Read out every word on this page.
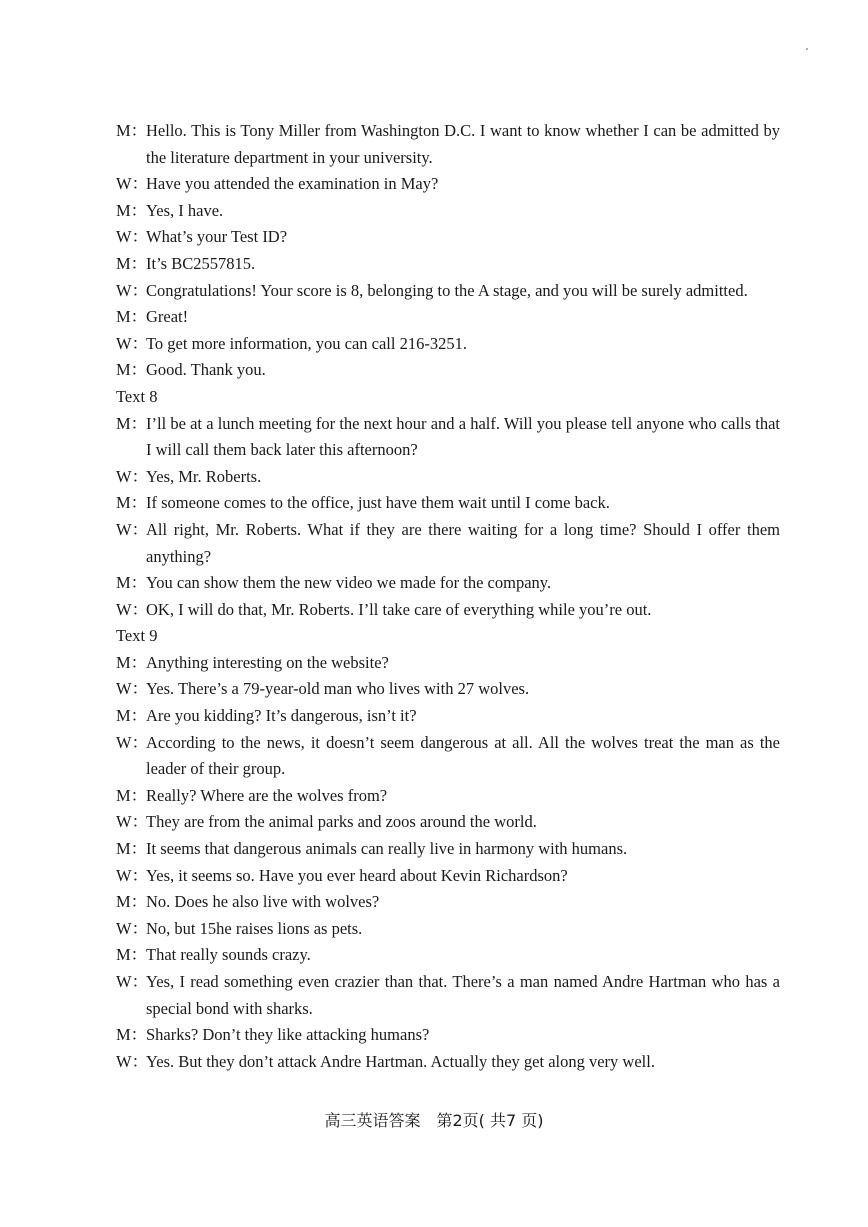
M：
Hello. This is Tony Miller from Washington D.C. I want to know whether I can be admitted by the literature department in your university.
W：
Have you attended the examination in May?
M：
Yes, I have.
W：
What’s your Test ID?
M：
It’s BC2557815.
W：
Congratulations! Your score is 8, belonging to the A stage, and you will be surely admitted.
M：
Great!
W：
To get more information, you can call 216-3251.
M：
Good. Thank you.
Text 8
M：
I’ll be at a lunch meeting for the next hour and a half. Will you please tell anyone who calls that I will call them back later this afternoon?
W：
Yes, Mr. Roberts.
M：
If someone comes to the office, just have them wait until I come back.
W：
All right, Mr. Roberts. What if they are there waiting for a long time? Should I offer them anything?
M：
You can show them the new video we made for the company.
W：
OK, I will do that, Mr. Roberts. I’ll take care of everything while you’re out.
Text 9
M：
Anything interesting on the website?
W：
Yes. There’s a 79-year-old man who lives with 27 wolves.
M：
Are you kidding? It’s dangerous, isn’t it?
W：
According to the news, it doesn’t seem dangerous at all. All the wolves treat the man as the leader of their group.
M：
Really? Where are the wolves from?
W：
They are from the animal parks and zoos around the world.
M：
It seems that dangerous animals can really live in harmony with humans.
W：
Yes, it seems so. Have you ever heard about Kevin Richardson?
M：
No. Does he also live with wolves?
W：
No, but 15he raises lions as pets.
M：
That really sounds crazy.
W：
Yes, I read something even crazier than that. There’s a man named Andre Hartman who has a special bond with sharks.
M：
Sharks? Don’t they like attacking humans?
W：
Yes. But they don’t attack Andre Hartman. Actually they get along very well.
高三英语答案　第2页( 共7 页)
